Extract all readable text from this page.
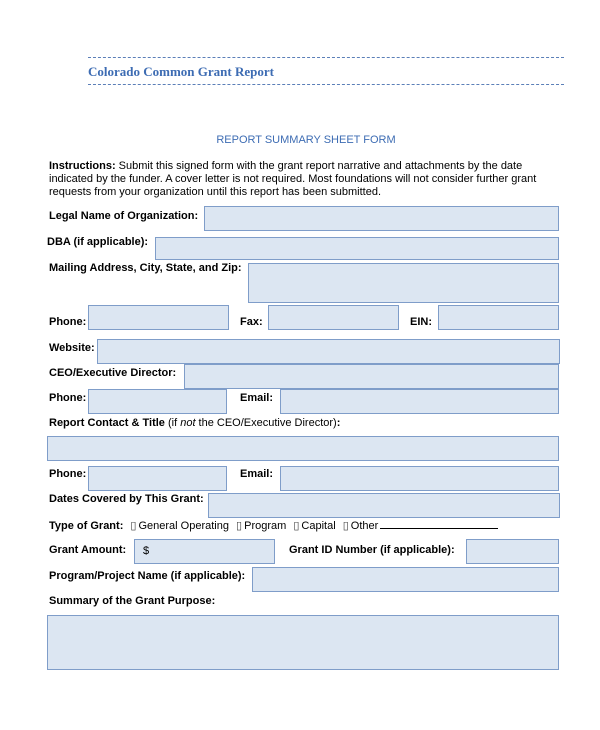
Colorado Common Grant Report
REPORT SUMMARY SHEET FORM
Instructions: Submit this signed form with the grant report narrative and attachments by the date indicated by the funder. A cover letter is not required. Most foundations will not consider further grant requests from your organization until this report has been submitted.
Legal Name of Organization:
DBA (if applicable):
Mailing Address, City, State, and Zip:
Phone:	Fax:	EIN:
Website:
CEO/Executive Director:
Phone:	Email:
Report Contact & Title (if not the CEO/Executive Director):
Phone:	Email:
Dates Covered by This Grant:
Type of Grant: ▯ General Operating ▯ Program ▯ Capital ▯ Other
Grant Amount: $	Grant ID Number (if applicable):
Program/Project Name (if applicable):
Summary of the Grant Purpose:
